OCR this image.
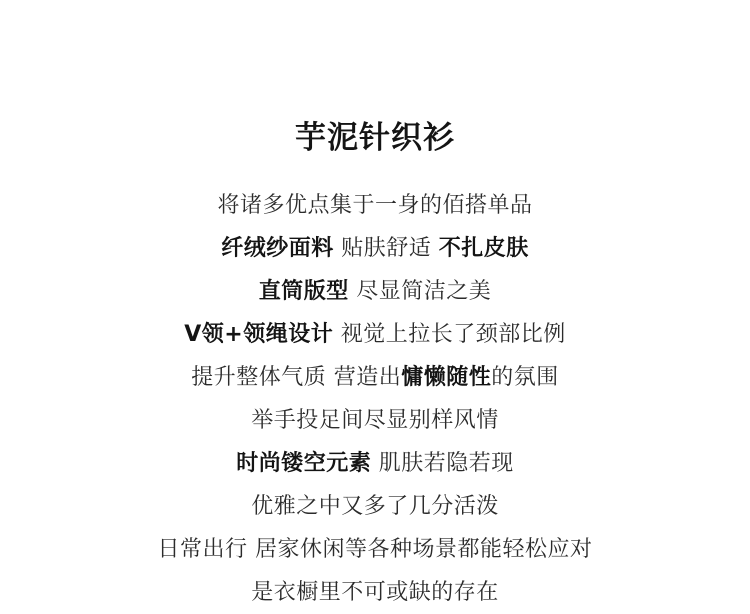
芋泥针织衫
将诸多优点集于一身的佰搭单品
纤绒纱面料 贴肤舒适 不扎皮肤
直筒版型 尽显简洁之美
V领+领绳设计 视觉上拉长了颈部比例
提升整体气质 营造出慵懒随性的氛围
举手投足间尽显别样风情
时尚镂空元素 肌肤若隐若现
优雅之中又多了几分活泼
日常出行 居家休闲等各种场景都能轻松应对
是衣橱里不可或缺的存在
